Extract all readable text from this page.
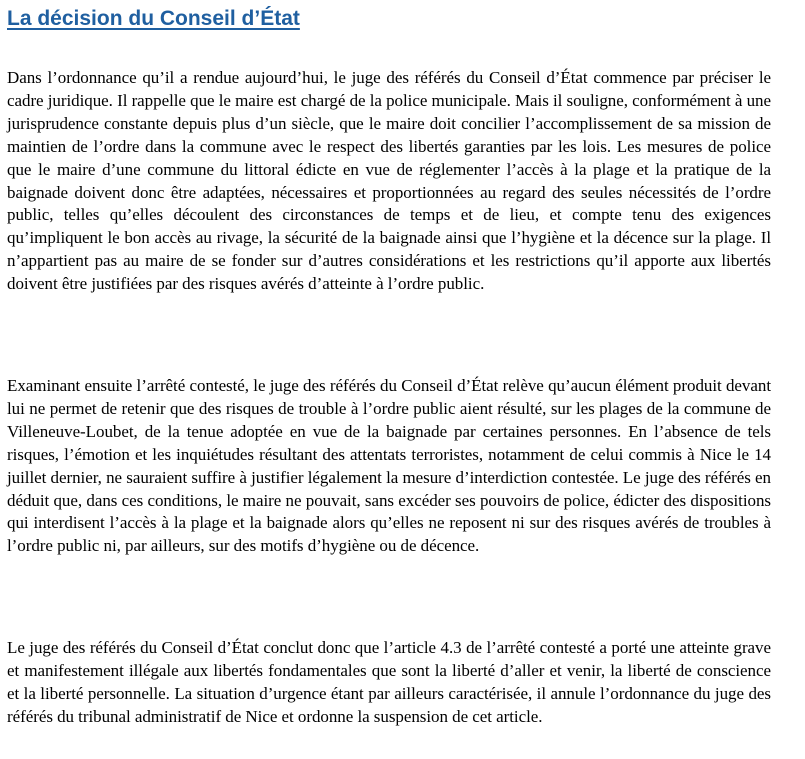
La décision du Conseil d’État

Dans l’ordonnance qu’il a rendue aujourd’hui, le juge des référés du Conseil d’État commence par préciser le cadre juridique. Il rappelle que le maire est chargé de la police municipale. Mais il souligne, conformément à une jurisprudence constante depuis plus d’un siècle, que le maire doit concilier l’accomplissement de sa mission de maintien de l’ordre dans la commune avec le respect des libertés garanties par les lois. Les mesures de police que le maire d’une commune du littoral édicte en vue de réglementer l’accès à la plage et la pratique de la baignade doivent donc être adaptées, nécessaires et proportionnées au regard des seules nécessités de l’ordre public, telles qu’elles découlent des circonstances de temps et de lieu, et compte tenu des exigences qu’impliquent le bon accès au rivage, la sécurité de la baignade ainsi que l’hygiène et la décence sur la plage. Il n’appartient pas au maire de se fonder sur d’autres considérations et les restrictions qu’il apporte aux libertés doivent être justifiées par des risques avérés d’atteinte à l’ordre public.

Examinant ensuite l’arrêté contesté, le juge des référés du Conseil d’État relève qu’aucun élément produit devant lui ne permet de retenir que des risques de trouble à l’ordre public aient résulté, sur les plages de la commune de Villeneuve-Loubet, de la tenue adoptée en vue de la baignade par certaines personnes. En l’absence de tels risques, l’émotion et les inquiétudes résultant des attentats terroristes, notamment de celui commis à Nice le 14 juillet dernier, ne sauraient suffire à justifier légalement la mesure d’interdiction contestée. Le juge des référés en déduit que, dans ces conditions, le maire ne pouvait, sans excéder ses pouvoirs de police, édicter des dispositions qui interdisent l’accès à la plage et la baignade alors qu’elles ne reposent ni sur des risques avérés de troubles à l’ordre public ni, par ailleurs, sur des motifs d’hygiène ou de décence.

Le juge des référés du Conseil d’État conclut donc que l’article 4.3 de l’arrêté contesté a porté une atteinte grave et manifestement illégale aux libertés fondamentales que sont la liberté d’aller et venir, la liberté de conscience et la liberté personnelle. La situation d’urgence étant par ailleurs caractérisée, il annule l’ordonnance du juge des référés du tribunal administratif de Nice et ordonne la suspension de cet article.
